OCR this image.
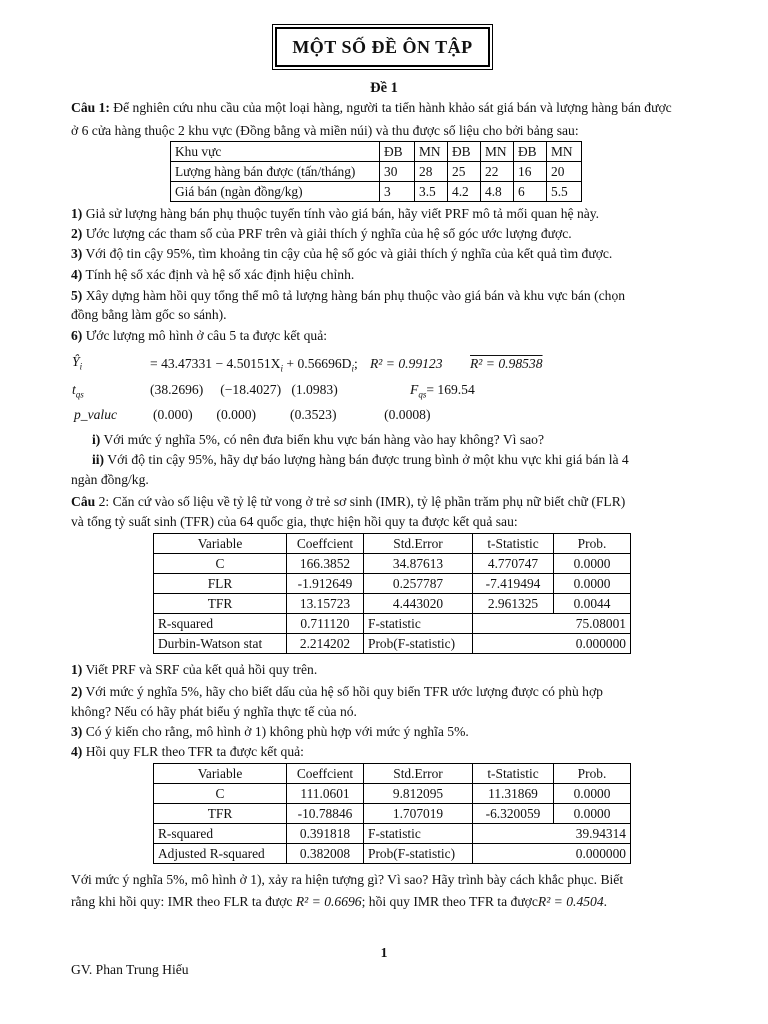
MỘT SỐ ĐỀ ÔN TẬP
Đề 1
Câu 1: Để nghiên cứu nhu cầu của một loại hàng, người ta tiến hành khảo sát giá bán và lượng hàng bán được
ở 6 cửa hàng thuộc 2 khu vực (Đồng bằng và miền núi) và thu được số liệu cho bởi bảng sau:
Khu vực	ĐB	MN	ĐB	MN	ĐB	MN
Lượng hàng bán được (tấn/tháng)	30	28	25	22	16	20
Giá bán (ngàn đồng/kg)	3	3.5	4.2	4.8	6	5.5
1) Giả sử lượng hàng bán phụ thuộc tuyến tính vào giá bán, hãy viết PRF mô tả mối quan hệ này.
2) Ước lượng các tham số của PRF trên và giải thích ý nghĩa của hệ số góc ước lượng được.
3) Với độ tin cậy 95%, tìm khoảng tin cậy của hệ số góc và giải thích ý nghĩa của kết quả tìm được.
4) Tính hệ số xác định và hệ số xác định hiệu chỉnh.
5) Xây dựng hàm hồi quy tổng thể mô tả lượng hàng bán phụ thuộc vào giá bán và khu vực bán (chọn
đồng bằng làm gốc so sánh).
6) Ước lượng mô hình ở câu 5 ta được kết quả:
$Ŷ_i$	= $43.47331 - 4.50151X_i + 0.56696D_i$; R² = 0.99123 R² = 0.98538
$t_{qs}$	(38.2696)     (−18.4027)   (1.0983)	$F_{qs}= 169.54$
p_valuc	(0.000)       (0.000)          (0.3523)              (0.0008)
i) Với mức ý nghĩa 5%, có nên đưa biến khu vực bán hàng vào hay không? Vì sao?
ii) Với độ tin cậy 95%, hãy dự báo lượng hàng bán được trung bình ở một khu vực khi giá bán là 4
ngàn đồng/kg.
Câu 2: Căn cứ vào số liệu về tỷ lệ tử vong ở trẻ sơ sinh (IMR), tỷ lệ phần trăm phụ nữ biết chữ (FLR)
và tổng tỷ suất sinh (TFR) của 64 quốc gia, thực hiện hồi quy ta được kết quả sau:
Variable	Coeffcient	Std.Error	t-Statistic	Prob.
C	166.3852	34.87613	4.770747	0.0000
FLR	-1.912649	0.257787	-7.419494	0.0000
TFR	13.15723	4.443020	2.961325	0.0044
R-squared	0.711120	F-statistic	75.08001	
Durbin-Watson stat	2.214202	Prob(F-statistic)	0.000000	
1) Viết PRF và SRF của kết quả hồi quy trên.
2) Với mức ý nghĩa 5%, hãy cho biết dấu của hệ số hồi quy biến TFR ước lượng được có phù hợp
không? Nếu có hãy phát biểu ý nghĩa thực tế của nó.
3) Có ý kiến cho rằng, mô hình ở 1) không phù hợp với mức ý nghĩa 5%.
4) Hồi quy FLR theo TFR ta được kết quả:
Variable	Coeffcient	Std.Error	t-Statistic	Prob.
C	111.0601	9.812095	11.31869	0.0000
TFR	-10.78846	1.707019	-6.320059	0.0000
R-squared	0.391818	F-statistic	39.94314	
Adjusted R-squared	0.382008	Prob(F-statistic)	0.000000	
Với mức ý nghĩa 5%, mô hình ở 1), xảy ra hiện tượng gì? Vì sao? Hãy trình bày cách khắc phục. Biết
rằng khi hồi quy: IMR theo FLR ta được R² = 0.6696; hồi quy IMR theo TFR ta đượcR² = 0.4504.
1
GV. Phan Trung Hiếu
